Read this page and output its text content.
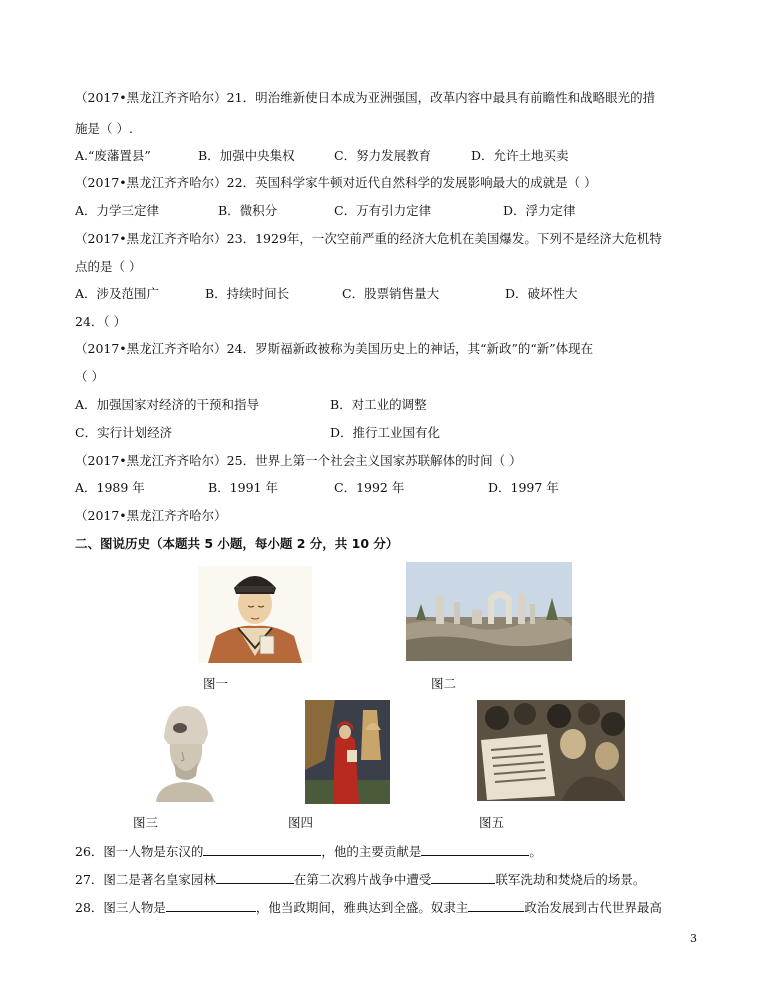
（2017•黑龙江齐齐哈尔）21．明治维新使日本成为亚洲强国，改革内容中最具有前瞻性和战略眼光的措
施是（ ）.
A.“废藩置县”	B．加强中央集权	C．努力发展教育	D．允许土地买卖
（2017•黑龙江齐齐哈尔）22．英国科学家牛顿对近代自然科学的发展影响最大的成就是（ ）
A．力学三定律	B．微积分	C．万有引力定律	D．浮力定律
（2017•黑龙江齐齐哈尔）23．1929年，一次空前严重的经济大危机在美国爆发。下列不是经济大危机特
点的是（ ）
A．涉及范围广	B．持续时间长	C．股票销售量大	D．破坏性大
24．（ ）
（2017•黑龙江齐齐哈尔）24．罗斯福新政被称为美国历史上的神话，其“新政”的“新”体现在
（ ）
A．加强国家对经济的干预和指导	B．对工业的调整
C．实行计划经济	D．推行工业国有化
（2017•黑龙江齐齐哈尔）25．世界上第一个社会主义国家苏联解体的时间（ ）
A．1989 年	B．1991 年	C．1992 年	D．1997 年
（2017•黑龙江齐齐哈尔）
二、图说历史（本题共 5 小题，每小题 2 分，共 10 分）
图一	图二
图三	图四	图五
26．图一人物是东汉的	，他的主要贡献是	。
27．图二是著名皇家园林	在第二次鸦片战争中遭受	联军洗劫和焚烧后的场景。
28．图三人物是	，他当政期间，雅典达到全盛。奴隶主	政治发展到古代世界最高
3
